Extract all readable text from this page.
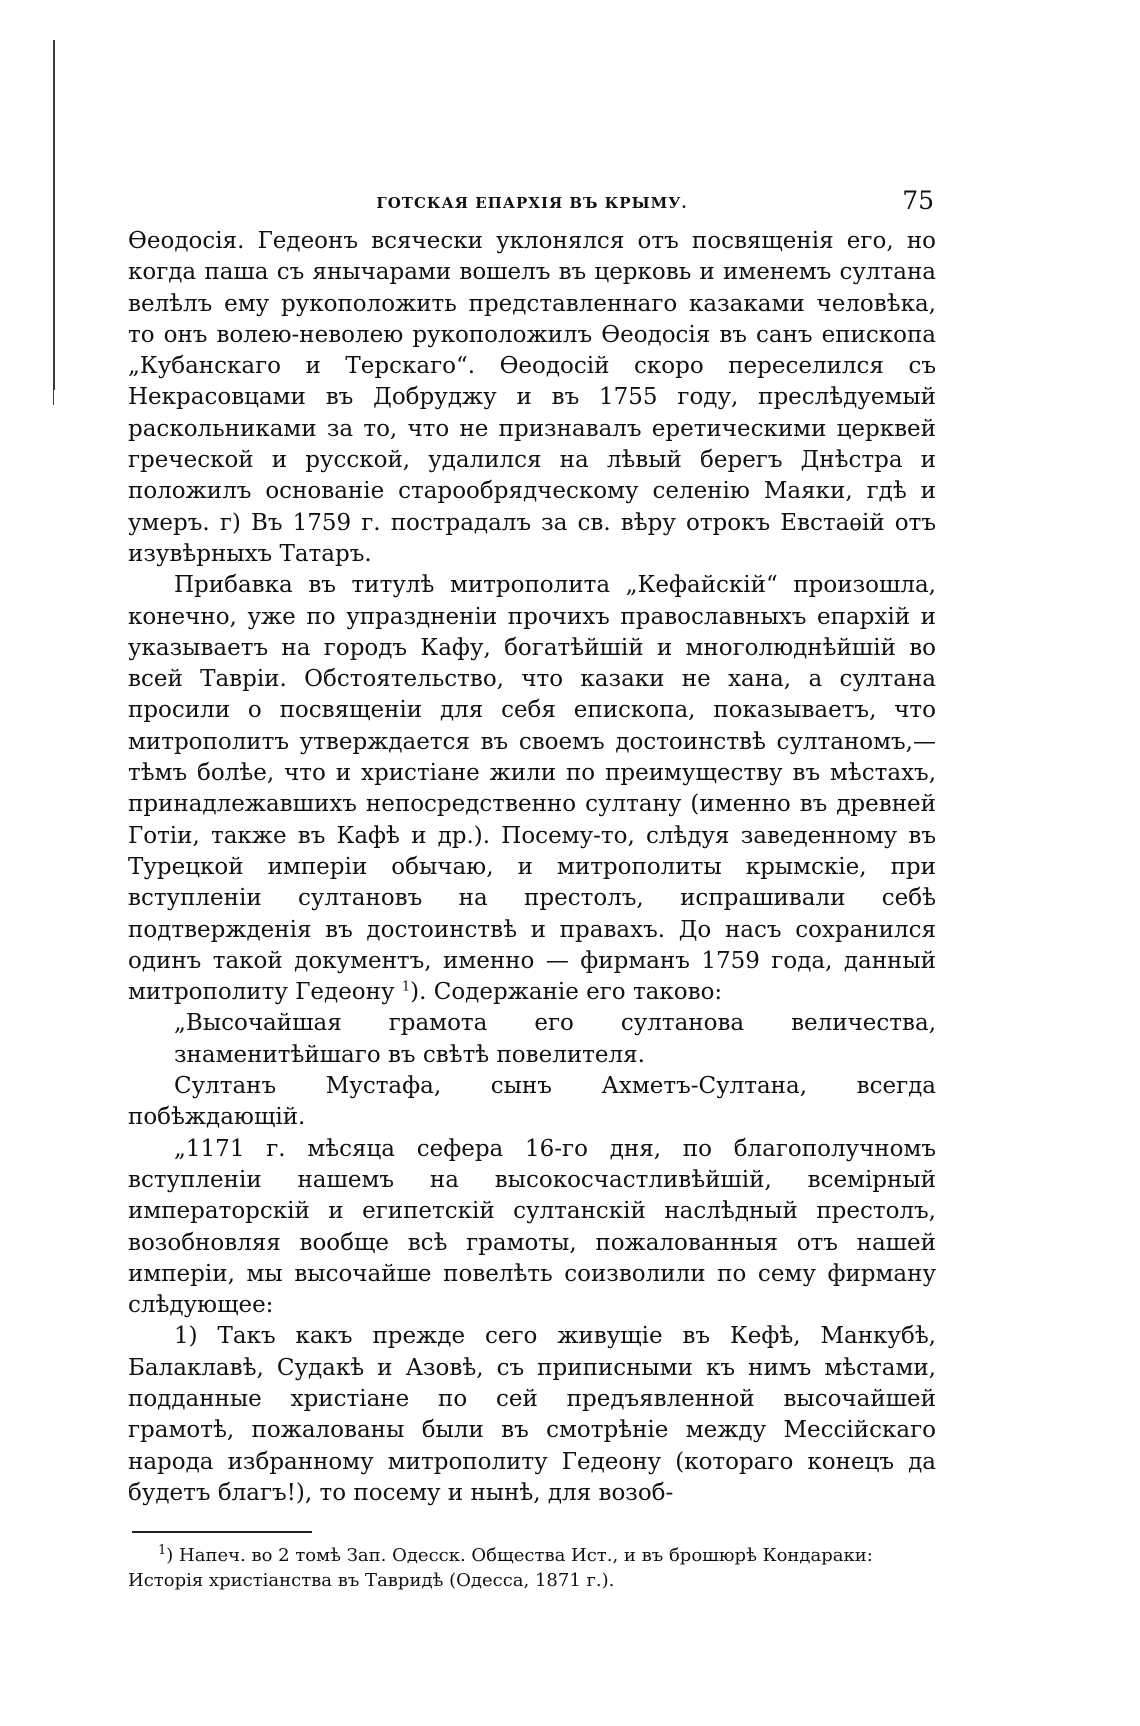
ГОТСКАЯ ЕПАРХІЯ ВЪ КРЫМУ.	75

Өеодосія. Гедеонъ всячески уклонялся отъ посвященія его, но когда паша съ янычарами вошелъ въ церковь и именемъ султана велѣлъ ему рукоположить представленнаго казаками человѣка, то онъ волею-неволею рукоположилъ Өеодосія въ санъ епископа „Кубанскаго и Терскаго“. Өеодосій скоро переселился съ Некрасовцами въ Добруджу и въ 1755 году, преслѣдуемый раскольниками за то, что не признавалъ еретическими церквей греческой и русской, удалился на лѣвый берегъ Днѣстра и положилъ основаніе старообрядческому селенію Маяки, гдѣ и умеръ. г) Въ 1759 г. пострадалъ за св. вѣру отрокъ Евстаѳій отъ изувѣрныхъ Татаръ.

Прибавка въ титулѣ митрополита „Кефайскій“ произошла, конечно, уже по упраздненіи прочихъ православныхъ епархій и указываетъ на городъ Кафу, богатѣйшій и многолюднѣйшій во всей Тавріи. Обстоятельство, что казаки не хана, а султана просили о посвященіи для себя епископа, показываетъ, что митрополитъ утверждается въ своемъ достоинствѣ султаномъ,—тѣмъ болѣе, что и христіане жили по преимуществу въ мѣстахъ, принадлежавшихъ непосредственно султану (именно въ древней Готіи, также въ Кафѣ и др.). Посему-то, слѣдуя заведенному въ Турецкой имперіи обычаю, и митрополиты крымскіе, при вступленіи султановъ на престолъ, испрашивали себѣ подтвержденія въ достоинствѣ и правахъ. До насъ сохранился одинъ такой документъ, именно — фирманъ 1759 года, данный митрополиту Гедеону $^1$). Содержаніе его таково:

„Высочайшая грамота его султанова величества, знаменитѣйшаго въ свѣтѣ повелителя.

Султанъ Мустафа, сынъ Ахметъ-Султана, всегда побѣждающій.

„1171 г. мѣсяца сефера 16-го дня, по благополучномъ вступленіи нашемъ на высокосчастливѣйшій, всемірный императорскій и египетскій султанскій наслѣдный престолъ, возобновляя вообще всѣ грамоты, пожалованныя отъ нашей имперіи, мы высочайше повелѣть соизволили по сему фирману слѣдующее:

1) Такъ какъ прежде сего живущіе въ Кефѣ, Манкубѣ, Балаклавѣ, Судакѣ и Азовѣ, съ приписными къ нимъ мѣстами, подданные христіане по сей предъявленной высочайшей грамотѣ, пожалованы были въ смотрѣніе между Мессійскаго народа избранному митрополиту Гедеону (котораго конецъ да будетъ благъ!), то посему и нынѣ, для возоб-

$^1$) Напеч. во 2 томѣ Зап. Одесск. Общества Ист., и въ брошюрѣ Кондараки: Исторія христіанства въ Тавридѣ (Одесса, 1871 г.).
